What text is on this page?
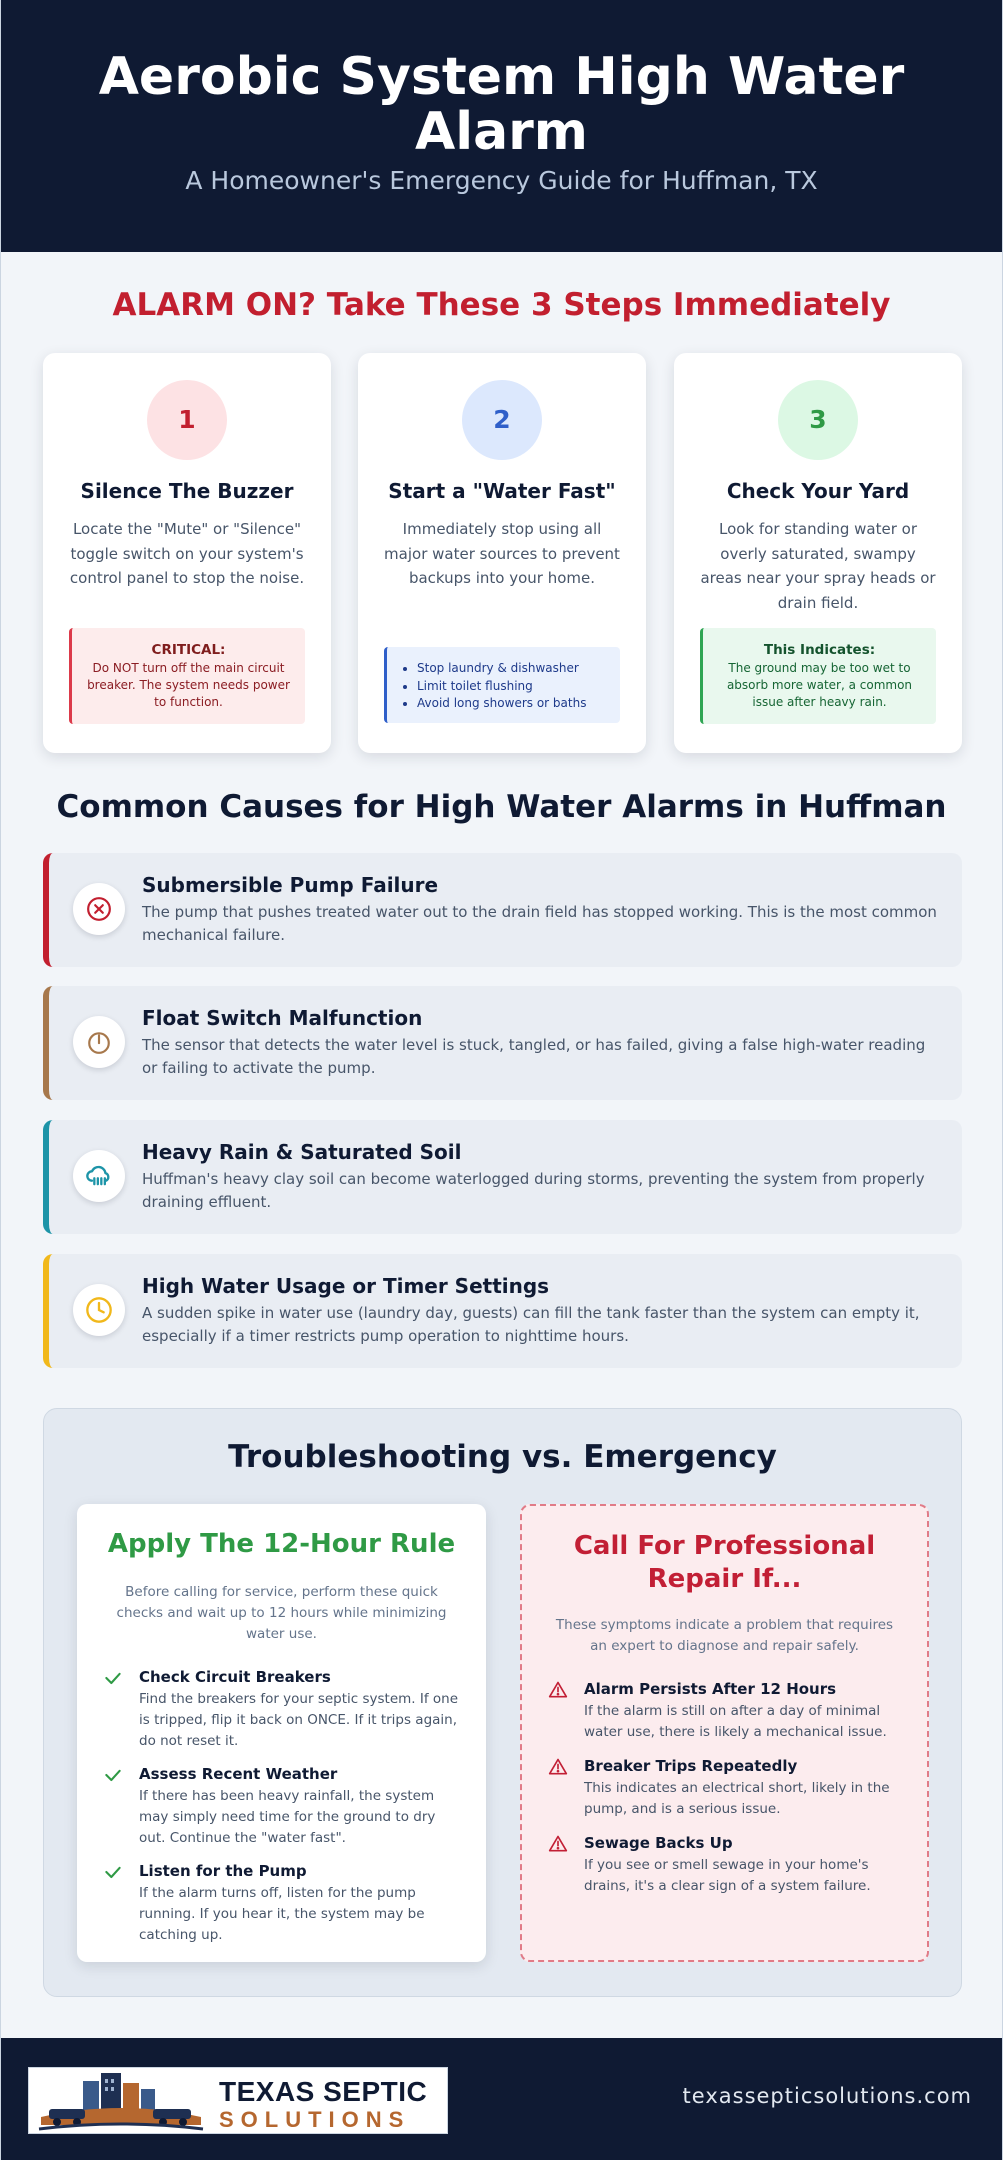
Aerobic System High Water Alarm
A Homeowner's Emergency Guide for Huffman, TX
ALARM ON? Take These 3 Steps Immediately
1
Silence The Buzzer
Locate the "Mute" or "Silence" toggle switch on your system's control panel to stop the noise.
CRITICAL:
Do NOT turn off the main circuit breaker. The system needs power to function.
2
Start a "Water Fast"
Immediately stop using all major water sources to prevent backups into your home.
• Stop laundry & dishwasher
• Limit toilet flushing
• Avoid long showers or baths
3
Check Your Yard
Look for standing water or overly saturated, swampy areas near your spray heads or drain field.
This Indicates:
The ground may be too wet to absorb more water, a common issue after heavy rain.
Common Causes for High Water Alarms in Huffman
Submersible Pump Failure

The pump that pushes treated water out to the drain field has stopped working. This is the most common mechanical failure.

Float Switch Malfunction

The sensor that detects the water level is stuck, tangled, or has failed, giving a false high-water reading or failing to activate the pump.

Heavy Rain & Saturated Soil

Huffman's heavy clay soil can become waterlogged during storms, preventing the system from properly draining effluent.

High Water Usage or Timer Settings

A sudden spike in water use (laundry day, guests) can fill the tank faster than the system can empty it, especially if a timer restricts pump operation to nighttime hours.

Troubleshooting vs. Emergency
Apply The 12-Hour Rule
Before calling for service, perform these quick checks and wait up to 12 hours while minimizing water use.
Check Circuit Breakers
Find the breakers for your septic system. If one is tripped, flip it back on ONCE. If it trips again, do not reset it.
Assess Recent Weather
If there has been heavy rainfall, the system may simply need time for the ground to dry out. Continue the "water fast".
Listen for the Pump
If the alarm turns off, listen for the pump running. If you hear it, the system may be catching up.
Call For Professional Repair If...
These symptoms indicate a problem that requires an expert to diagnose and repair safely.
Alarm Persists After 12 Hours
If the alarm is still on after a day of minimal water use, there is likely a mechanical issue.
Breaker Trips Repeatedly
This indicates an electrical short, likely in the pump, and is a serious issue.
Sewage Backs Up
If you see or smell sewage in your home's drains, it's a clear sign of a system failure.
TEXAS SEPTIC
SOLUTIONS
texassepticsolutions.com
